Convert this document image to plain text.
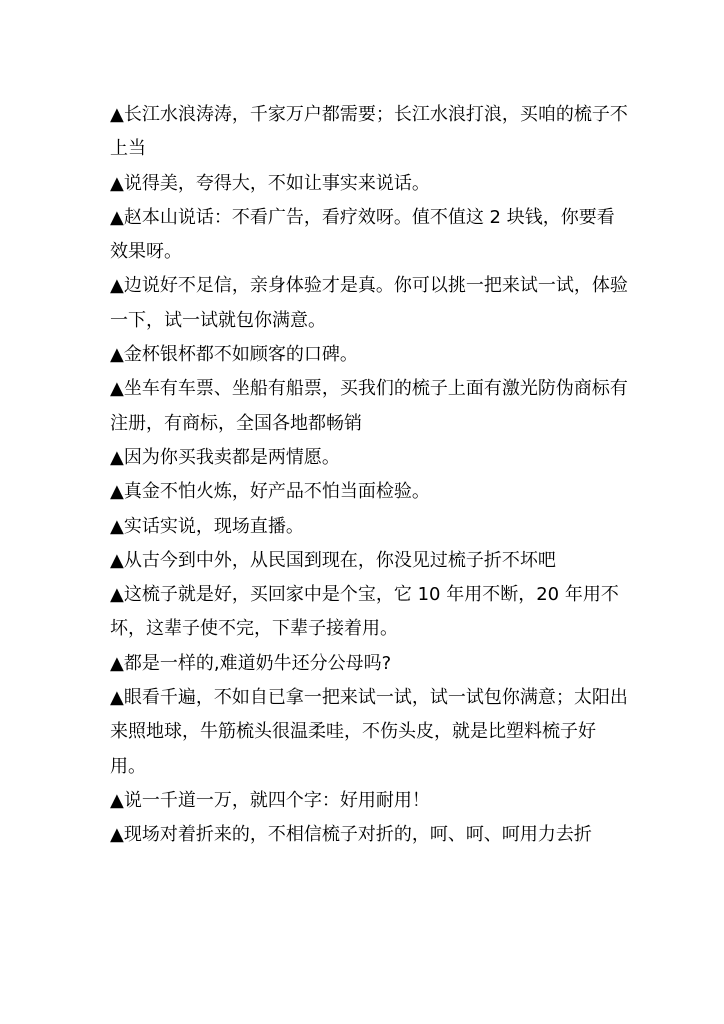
▲长江水浪涛涛，千家万户都需要；长江水浪打浪，买咱的梳子不上当

▲说得美，夸得大，不如让事实来说话。

▲赵本山说话：不看广告，看疗效呀。值不值这 2 块钱，你要看效果呀。

▲边说好不足信，亲身体验才是真。你可以挑一把来试一试，体验一下，试一试就包你满意。

▲金杯银杯都不如顾客的口碑。

▲坐车有车票、坐船有船票，买我们的梳子上面有激光防伪商标有注册，有商标，全国各地都畅销

▲因为你买我卖都是两情愿。

▲真金不怕火炼，好产品不怕当面检验。

▲实话实说，现场直播。

▲从古今到中外，从民国到现在，你没见过梳子折不坏吧

▲这梳子就是好，买回家中是个宝，它 10 年用不断，20 年用不坏，这辈子使不完，下辈子接着用。

▲都是一样的,难道奶牛还分公母吗?

▲眼看千遍，不如自已拿一把来试一试，试一试包你满意；太阳出来照地球，牛筋梳头很温柔哇，不伤头皮，就是比塑料梳子好用。

▲说一千道一万，就四个字：好用耐用！

▲现场对着折来的，不相信梳子对折的，呵、呵、呵用力去折
